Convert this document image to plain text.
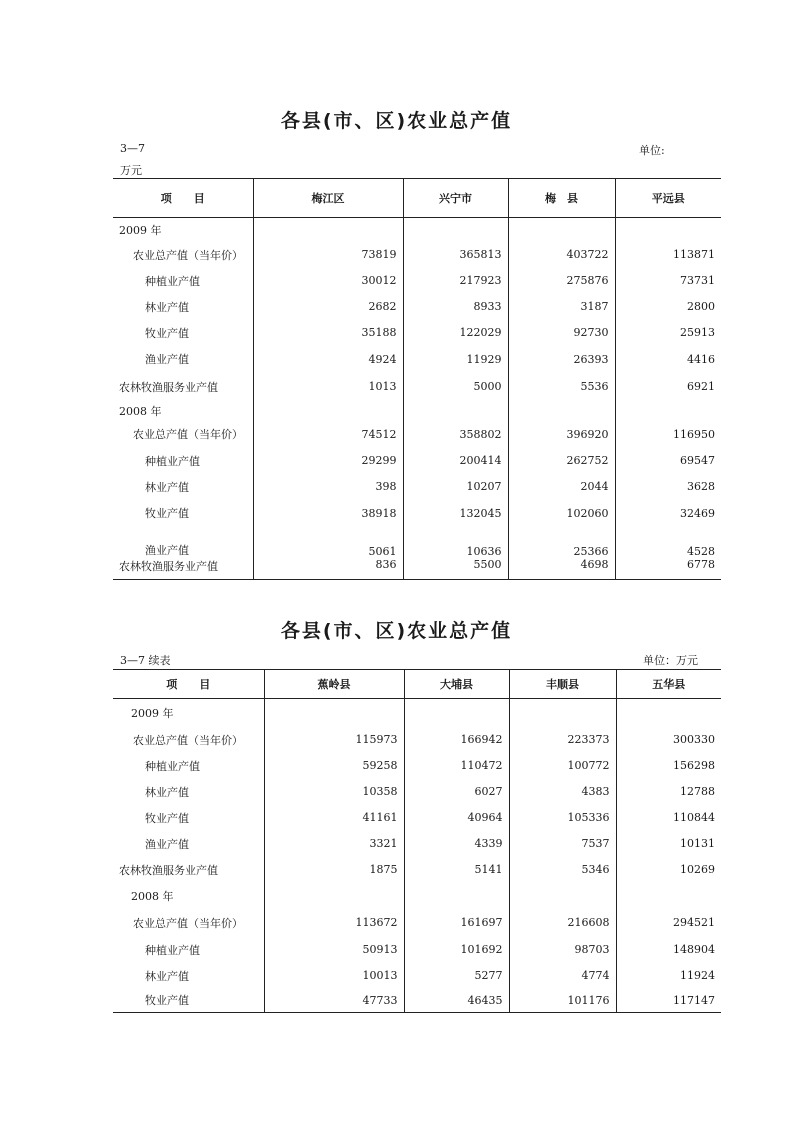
各县(市、区)农业总产值
3—7	单位:
万元
项　　目	梅江区	兴宁市	梅　县	平远县
2009 年				
农业总产值（当年价）	73819	365813	403722	113871
种植业产值	30012	217923	275876	73731
林业产值	2682	8933	3187	2800
牧业产值	35188	122029	92730	25913
渔业产值	4924	11929	26393	4416
农林牧渔服务业产值	1013	5000	5536	6921
2008 年				
农业总产值（当年价）	74512	358802	396920	116950
种植业产值	29299	200414	262752	69547
林业产值	398	10207	2044	3628
牧业产值	38918	132045	102060	32469
渔业产值	5061	10636	25366	4528
农林牧渔服务业产值	836	5500	4698	6778
各县(市、区)农业总产值
3—7 续表	单位：万元
项　　目	蕉岭县	大埔县	丰顺县	五华县
2009 年				
农业总产值（当年价）	115973	166942	223373	300330
种植业产值	59258	110472	100772	156298
林业产值	10358	6027	4383	12788
牧业产值	41161	40964	105336	110844
渔业产值	3321	4339	7537	10131
农林牧渔服务业产值	1875	5141	5346	10269
2008 年				
农业总产值（当年价）	113672	161697	216608	294521
种植业产值	50913	101692	98703	148904
林业产值	10013	5277	4774	11924
牧业产值	47733	46435	101176	117147
